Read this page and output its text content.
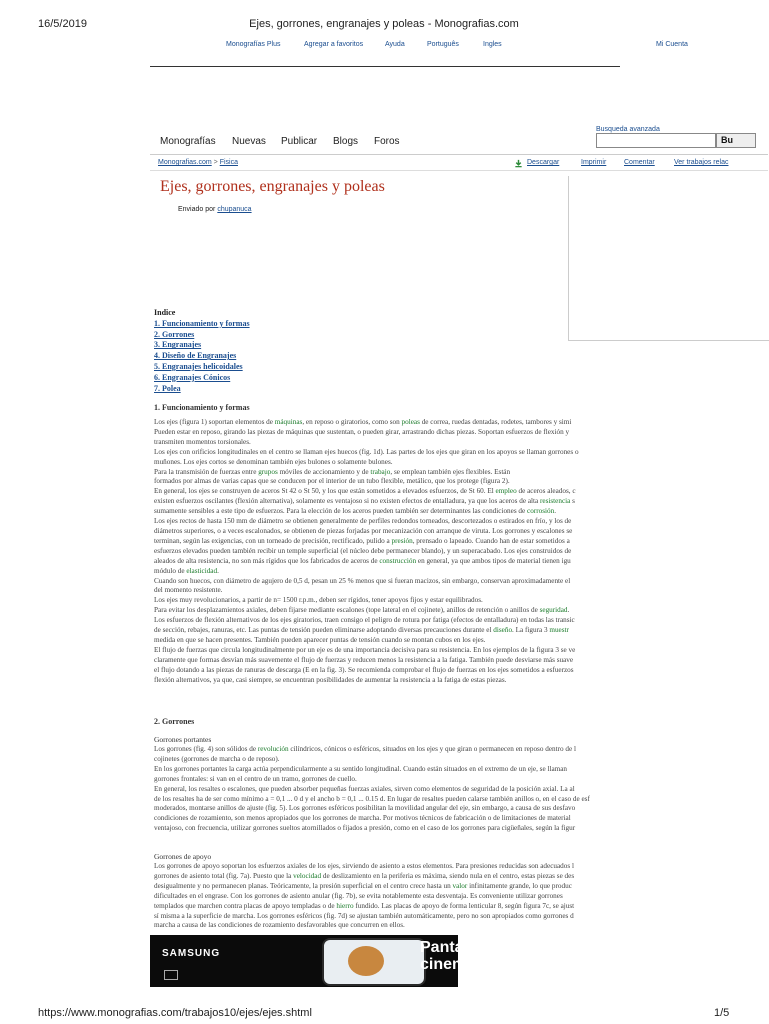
16/5/2019	Ejes, gorrones, engranajes y poleas - Monografias.com
Monografías Plus	Agregar a favoritos	Ayuda	Português	Ingles	Mi Cuenta
Monografías Nuevas Publicar Blogs Foros
Busqueda avanzada
Bu
Monografias.com > Fisica	Descargar	Imprimir	Comentar	Ver trabajos relac
Ejes, gorrones, engranajes y poleas
Enviado por chupanuca
Indice
1. Funcionamiento y formas
2. Gorrones
3. Engranajes
4. Diseño de Engranajes
5. Engranajes helicoidales
6. Engranajes Cónicos
7. Polea
1. Funcionamiento y formas

Los ejes (figura 1) soportan elementos de máquinas, en reposo o giratorios, como son poleas de correa, ruedas dentadas, rodetes, tambores y simi

Pueden estar en reposo, girando las piezas de máquinas que sustentan, o pueden girar, arrastrando dichas piezas. Soportan esfuerzos de flexión y

transmiten momentos torsionales.

Los ejes con orificios longitudinales en el centro se llaman ejes huecos (fig. 1d). Las partes de los ejes que giran en los apoyos se llaman gorrones o

muñones. Los ejes cortos se denominan también ejes bulones o solamente bulones.

Para la transmisión de fuerzas entre grupos móviles de accionamiento y de trabajo, se emplean también ejes flexibles. Están

formados por almas de varias capas que se conducen por el interior de un tubo flexible, metálico, que los protege (figura 2).

En general, los ejes se construyen de aceros St 42 o St 50, y los que están sometidos a elevados esfuerzos, de St 60. El empleo de aceros aleados, c

existen esfuerzos oscilantes (flexión alternativa), solamente es ventajoso si no existen efectos de entalladura, ya que los aceros de alta resistencia s

sumamente sensibles a este tipo de esfuerzos. Para la elección de los aceros pueden también ser determinantes las condiciones de corrosión.

Los ejes rectos de hasta 150 mm de diámetro se obtienen generalmente de perfiles redondos torneados, descortezados o estirados en frío, y los de

diámetros superiores, o a veces escalonados, se obtienen de piezas forjadas por mecanización con arranque de viruta. Los gorrones y escalones se

terminan, según las exigencias, con un torneado de precisión, rectificado, pulido a presión, prensado o lapeado. Cuando han de estar sometidos a

esfuerzos elevados pueden también recibir un temple superficial (el núcleo debe permanecer blando), y un superacabado. Los ejes construidos de

aleados de alta resistencia, no son más rígidos que los fabricados de aceros de construcción en general, ya que ambos tipos de material tienen igu

módulo de elasticidad.

Cuando son huecos, con diámetro de agujero de 0,5 d, pesan un 25 % menos que si fueran macizos, sin embargo, conservan aproximadamente el

del momento resistente.

Los ejes muy revolucionarios, a partir de n= 1500 r.p.m., deben ser rígidos, tener apoyos fijos y estar equilibrados.

Para evitar los desplazamientos axiales, deben fijarse mediante escalones (tope lateral en el cojinete), anillos de retención o anillos de seguridad.

Los esfuerzos de flexión alternativos de los ejes giratorios, traen consigo el peligro de rotura por fatiga (efectos de entalladura) en todas las transic

de sección, rebajes, ranuras, etc. Las puntas de tensión pueden eliminarse adoptando diversas precauciones durante el diseño. La figura 3 muestr

medida en que se hacen presentes. También pueden aparecer puntas de tensión cuando se montan cubos en los ejes.

El flujo de fuerzas que circula longitudinalmente por un eje es de una importancia decisiva para su resistencia. En los ejemplos de la figura 3 se ve

claramente que formas desvían más suavemente el flujo de fuerzas y reducen menos la resistencia a la fatiga. También puede desviarse más suave

el flujo dotando a las piezas de ranuras de descarga (E en la fig. 3). Se recomienda comprobar el flujo de fuerzas en los ejes sometidos a esfuerzos

flexión alternativos, ya que, casi siempre, se encuentran posibilidades de aumentar la resistencia a la fatiga de estas piezas.

2. Gorrones
Gorrones portantes

Los gorrones (fig. 4) son sólidos de revolución cilíndricos, cónicos o esféricos, situados en los ejes y que giran o permanecen en reposo dentro de l

cojinetes (gorrones de marcha o de reposo).

En los gorrones portantes la carga actúa perpendicularmente a su sentido longitudinal. Cuando están situados en el extremo de un eje, se llaman

gorrones frontales: si van en el centro de un tramo, gorrones de cuello.

En general, los resaltes o escalones, que pueden absorber pequeñas fuerzas axiales, sirven como elementos de seguridad de la posición axial. La al

de los resaltes ha de ser como mínimo a = 0,1 ... 0 d y el ancho b = 0,1 ... 0.15 d. En lugar de resaltes pueden calarse también anillos o, en el caso de esf

moderados, montarse anillos de ajuste (fig. 5). Los gorrones esféricos posibilitan la movilidad angular del eje, sin embargo, a causa de sus desfavo

condiciones de rozamiento, son menos apropiados que los gorrones de marcha. Por motivos técnicos de fabricación o de limitaciones de material

ventajoso, con frecuencia, utilizar gorrones sueltos atornillados o fijados a presión, como en el caso de los gorrones para cigüeñales, según la figur

Gorrones de apoyo

Los gorrones de apoyo soportan los esfuerzos axiales de los ejes, sirviendo de asiento a estos elementos. Para presiones reducidas son adecuados l

gorrones de asiento total (fig. 7a). Puesto que la velocidad de deslizamiento en la periferia es máxima, siendo nula en el centro, estas piezas se des

desigualmente y no permanecen planas. Teóricamente, la presión superficial en el centro crece hasta un valor infinitamente grande, lo que produc

dificultades en el engrase. Con los gorrones de asiento anular (fig. 7b), se evita notablemente esta desventaja. Es conveniente utilizar gorrones

templados que marchen contra placas de apoyo templadas o de hierro fundido. Las placas de apoyo de forma lenticular 8, según figura 7c, se ajust

sí misma a la superficie de marcha. Los gorrones esféricos (fig. 7d) se ajustan también automáticamente, pero no son apropiados como gorrones d

marcha a causa de las condiciones de rozamiento desfavorables que concurren en ellos.

SAMSUNG	Pantalla in
cinematog
https://www.monografias.com/trabajos10/ejes/ejes.shtml	1/5
